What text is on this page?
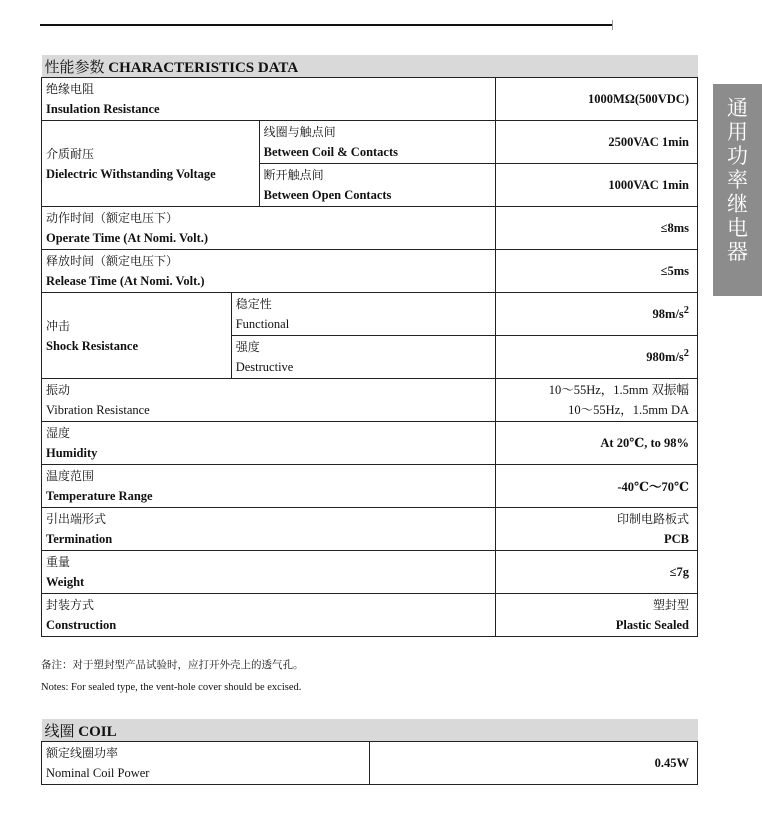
通
用
功
率
继
电
器
性能参数 CHARACTERISTICS DATA			

绝缘电阻
Insulation Resistance			1000MΩ(500VDC)

介质耐压
Dielectric Withstanding Voltage		线圈与触点间
Between Coil & Contacts	2500VAC 1min

		断开触点间
Between Open Contacts	1000VAC 1min

动作时间（额定电压下）
Operate Time (At Nomi. Volt.)			≤8ms

释放时间（额定电压下）
Release Time (At Nomi. Volt.)			≤5ms

冲击
Shock Resistance	稳定性
Functional		$98m/s^2$

	强度
Destructive		$980m/s^2$

振动
Vibration Resistance			10～55Hz，1.5mm 双振幅
10～55Hz，1.5mm DA

湿度
Humidity			At 20℃, to 98%

温度范围
Temperature Range			-40℃～70℃

引出端形式
Termination			印制电路板式
PCB

重量
Weight			≤7g

封装方式
Construction			塑封型
Plastic Sealed
备注：对于塑封型产品试验时，应打开外壳上的透气孔。
Notes: For sealed type, the vent-hole cover should be excised.
线圈 COIL

额定线圈功率
Nominal Coil Power
	0.45W
